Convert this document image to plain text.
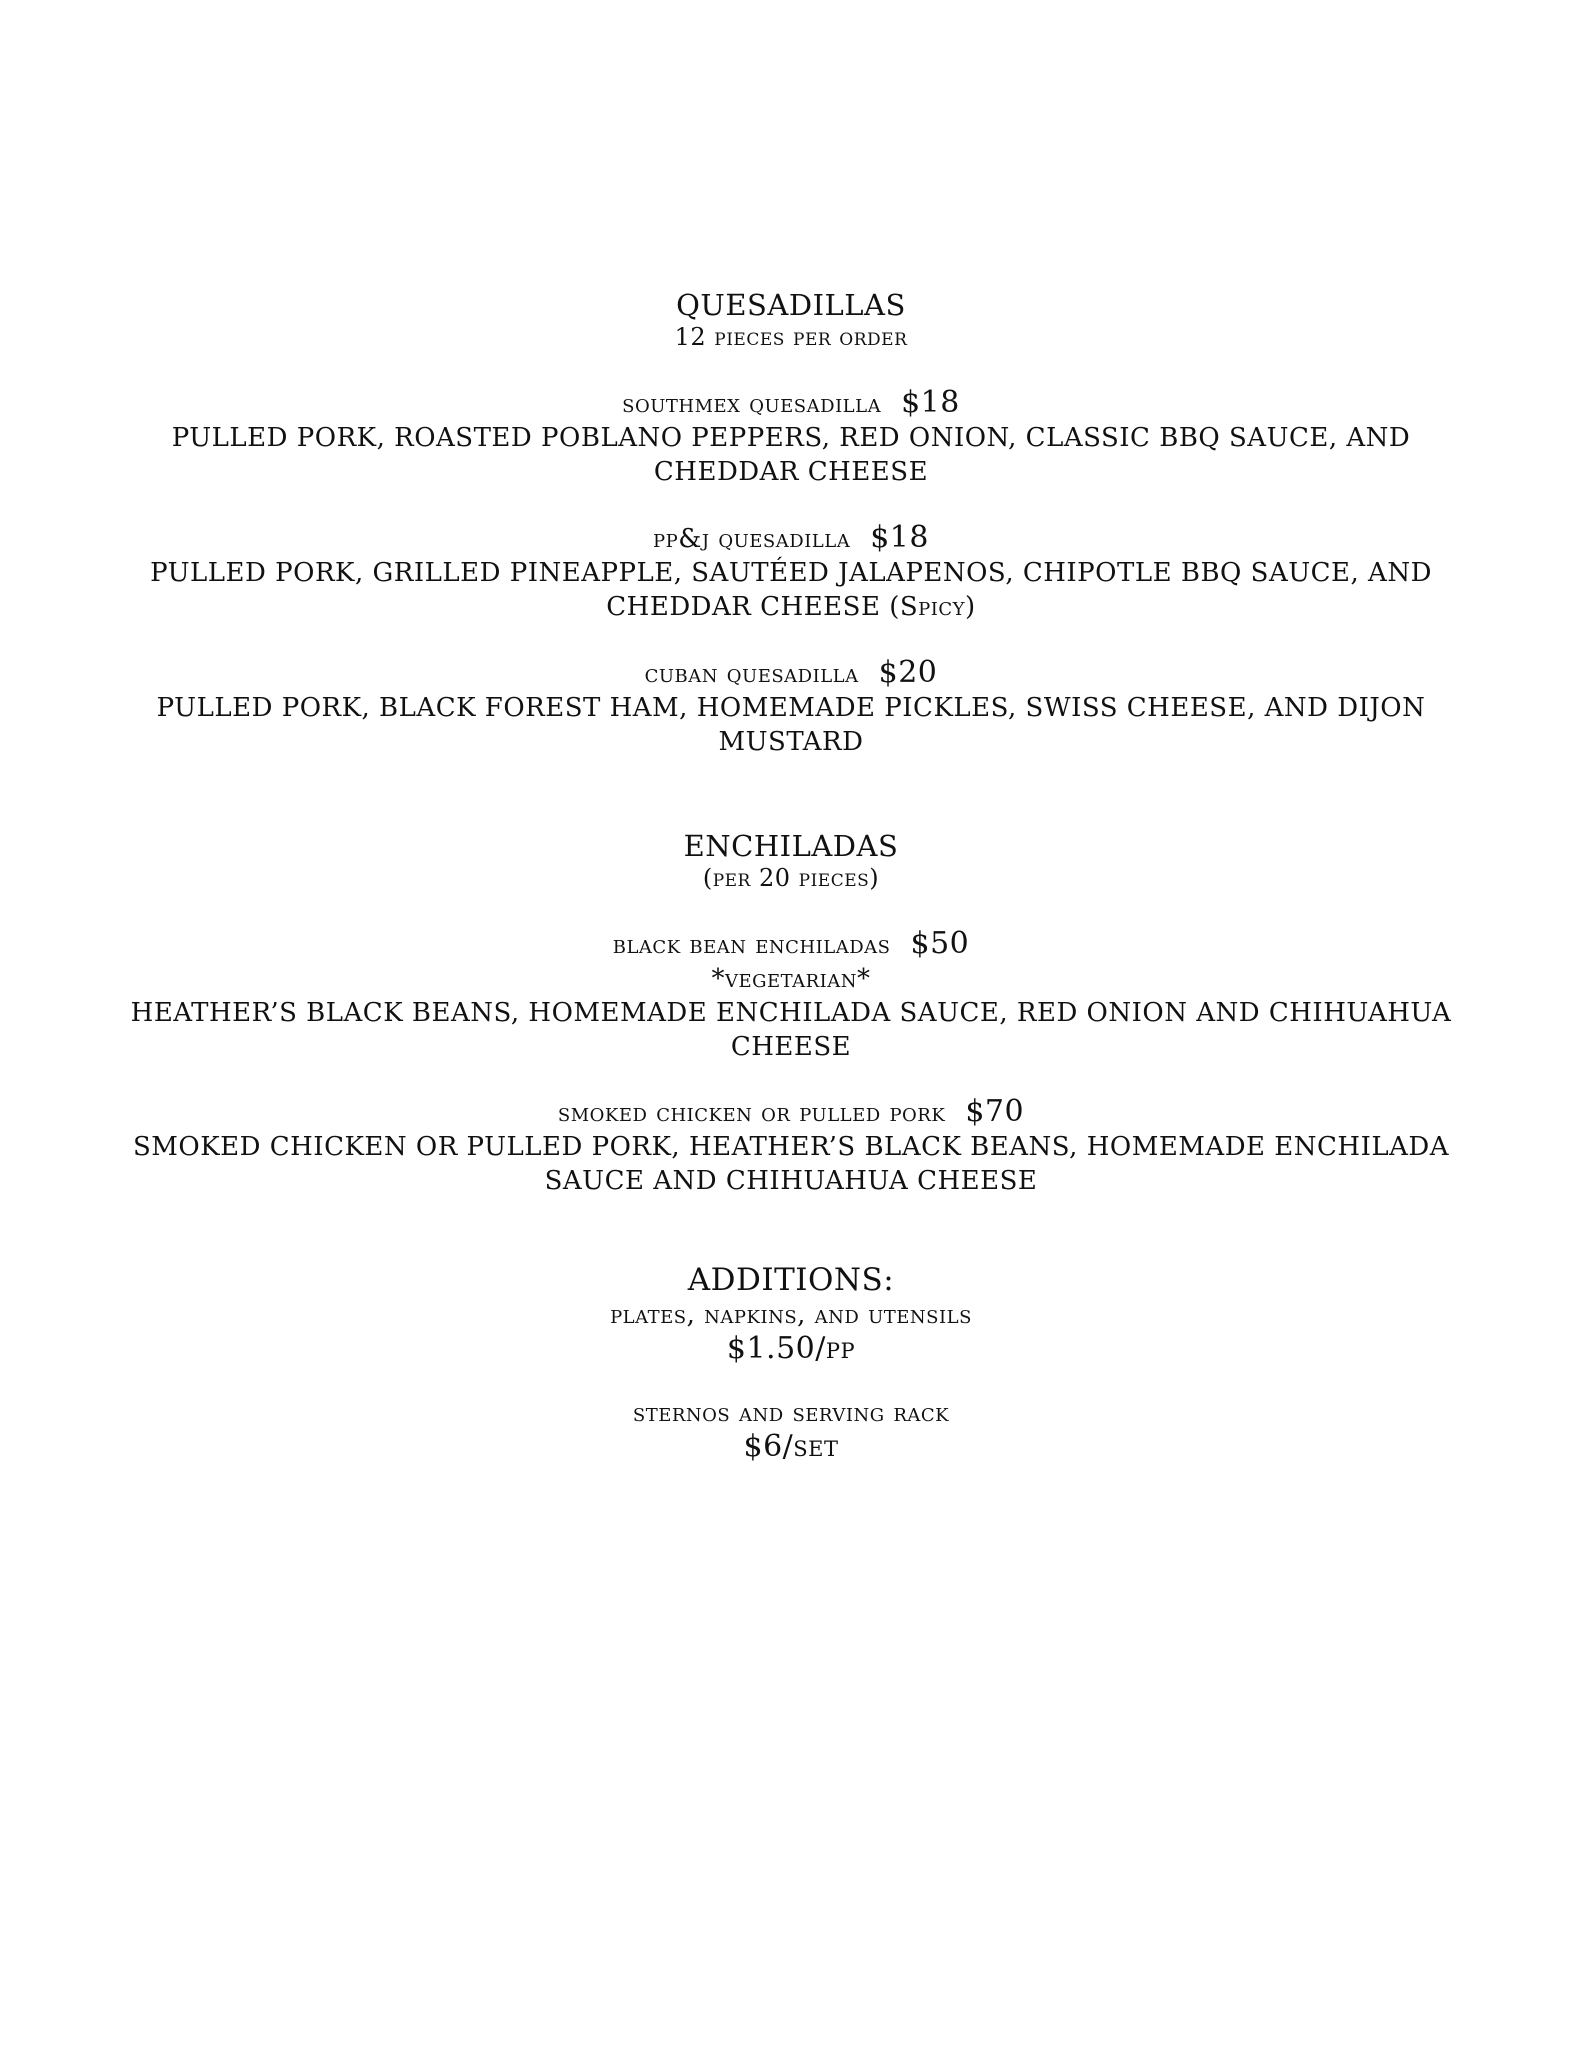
QUESADILLAS
12 pieces per order
southmex quesadilla $18
PULLED PORK, ROASTED POBLANO PEPPERS, RED ONION, CLASSIC BBQ SAUCE, AND
CHEDDAR CHEESE
pp&j quesadilla $18
PULLED PORK, GRILLED PINEAPPLE, SAUTÉED JALAPENOS, CHIPOTLE BBQ SAUCE, AND
CHEDDAR CHEESE (Spicy)
cuban quesadilla $20
PULLED PORK, BLACK FOREST HAM, HOMEMADE PICKLES, SWISS CHEESE, AND DIJON
MUSTARD
ENCHILADAS
(per 20 pieces)
black bean enchiladas $50
*vegetarian*
HEATHER’S BLACK BEANS, HOMEMADE ENCHILADA SAUCE, RED ONION AND CHIHUAHUA
CHEESE
smoked chicken or pulled pork $70
SMOKED CHICKEN OR PULLED PORK, HEATHER’S BLACK BEANS, HOMEMADE ENCHILADA
SAUCE AND CHIHUAHUA CHEESE
ADDITIONS:
plates, napkins, and utensils
$1.50/pp
sternos and serving rack
$6/set
